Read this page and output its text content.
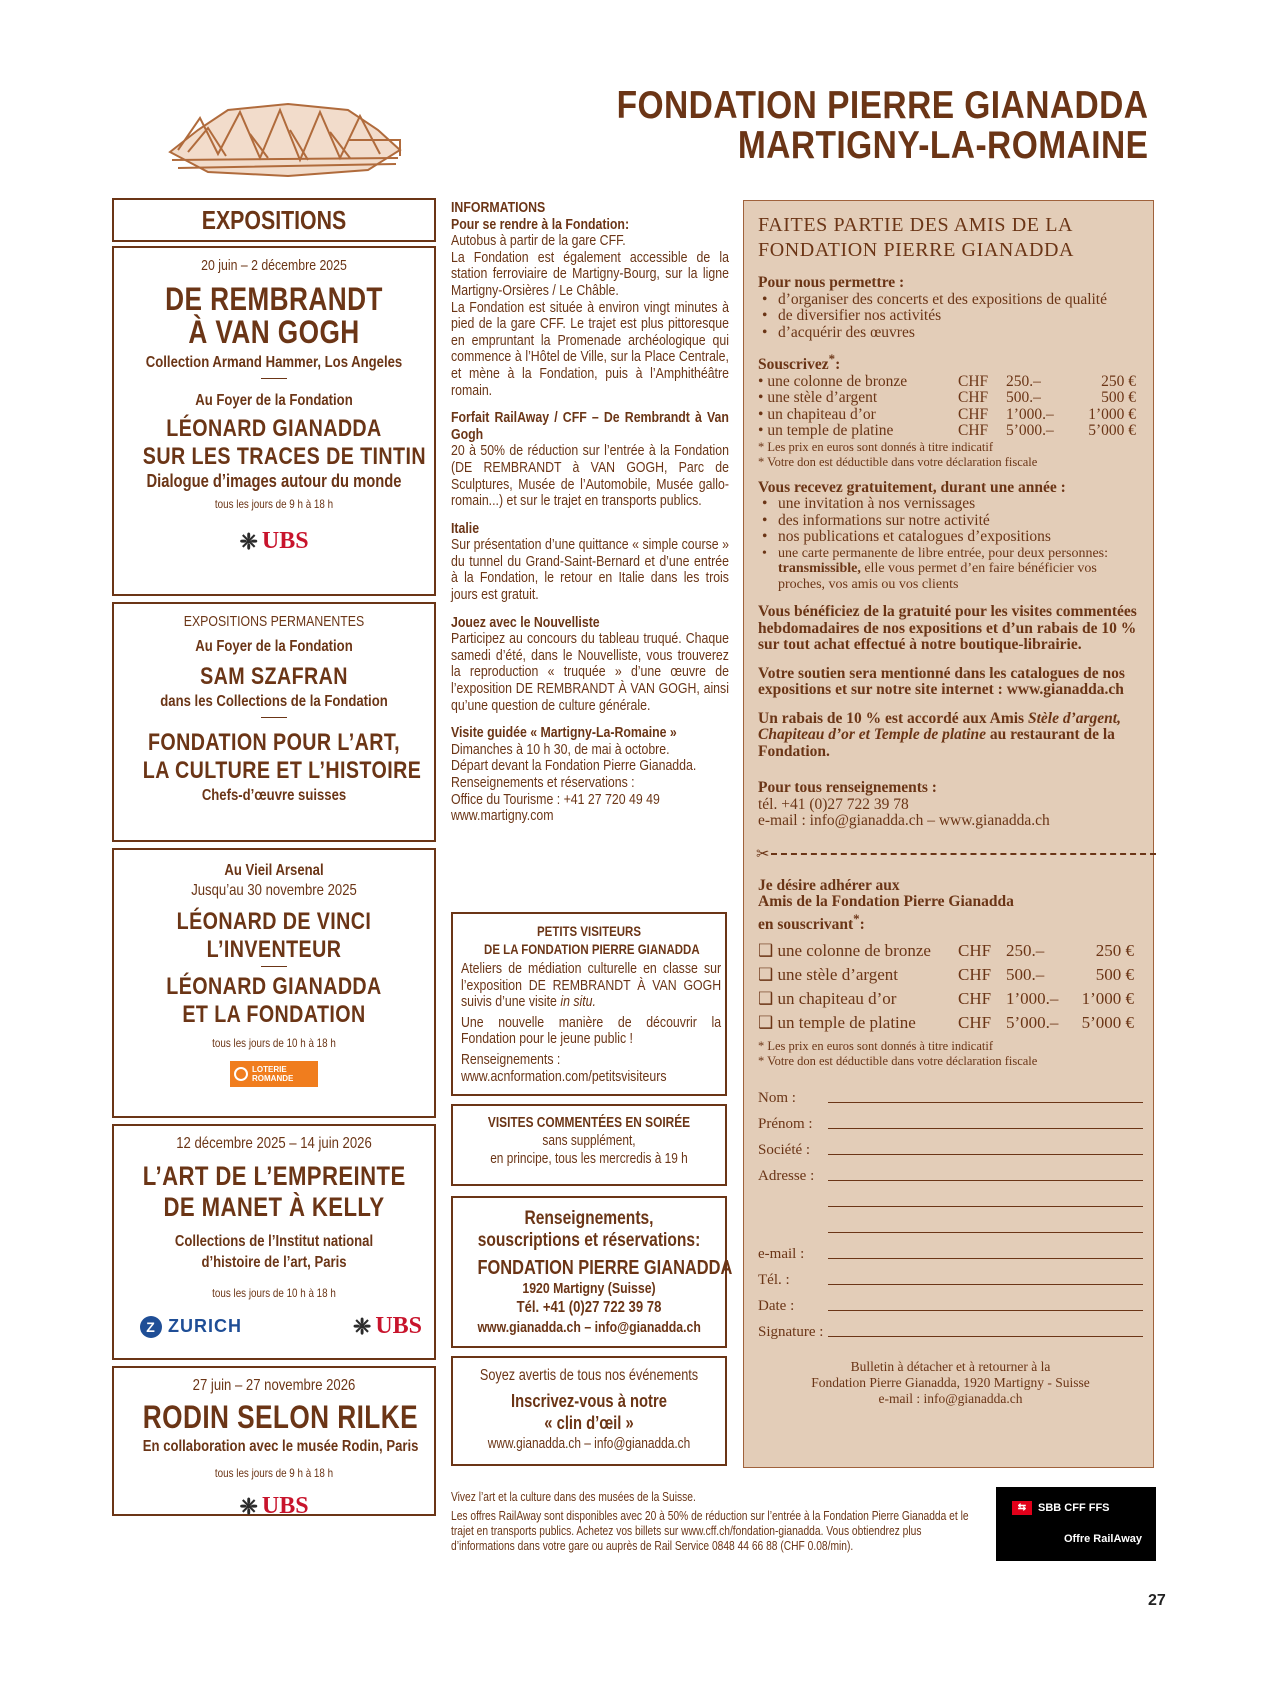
FONDATION PIERRE GIANADDA
MARTIGNY-LA-ROMAINE
EXPOSITIONS
20 juin – 2 décembre 2025
DE REMBRANDT
À VAN GOGH
Collection Armand Hammer, Los Angeles
Au Foyer de la Fondation
LÉONARD GIANADDA
SUR LES TRACES DE TINTIN
Dialogue d’images autour du monde
tous les jours de 9 h à 18 h
❈ UBS
EXPOSITIONS PERMANENTES
Au Foyer de la Fondation
SAM SZAFRAN
dans les Collections de la Fondation
FONDATION POUR L’ART,
LA CULTURE ET L’HISTOIRE
Chefs-d’œuvre suisses
Au Vieil Arsenal
Jusqu’au 30 novembre 2025
LÉONARD DE VINCI
L’INVENTEUR
LÉONARD GIANADDA
ET LA FONDATION
tous les jours de 10 h à 18 h
LOTERIE
ROMANDE
12 décembre 2025 – 14 juin 2026
L’ART DE L’EMPREINTE
DE MANET À KELLY
Collections de l’Institut national
d’histoire de l’art, Paris
tous les jours de 10 h à 18 h
Z ZURICH	❈ UBS
27 juin – 27 novembre 2026
RODIN SELON RILKE
En collaboration avec le musée Rodin, Paris
tous les jours de 9 h à 18 h
❈ UBS
INFORMATIONS
Pour se rendre à la Fondation:

Autobus à partir de la gare CFF.

La Fondation est également accessible de la station ferroviaire de Martigny-Bourg, sur la ligne Martigny-Orsières / Le Châble.

La Fondation est située à environ vingt minutes à pied de la gare CFF. Le trajet est plus pittoresque en empruntant la Promenade archéologique qui commence à l’Hôtel de Ville, sur la Place Centrale, et mène à la Fondation, puis à l’Amphithéâtre romain.

Forfait RailAway / CFF – De Rembrandt à Van Gogh

20 à 50% de réduction sur l’entrée à la Fondation (DE REMBRANDT à VAN GOGH, Parc de Sculptures, Musée de l’Automobile, Musée gallo-romain...) et sur le trajet en transports publics.

Italie

Sur présentation d’une quittance « simple course » du tunnel du Grand-Saint-Bernard et d’une entrée à la Fondation, le retour en Italie dans les trois jours est gratuit.

Jouez avec le Nouvelliste

Participez au concours du tableau truqué. Chaque samedi d’été, dans le Nouvelliste, vous trouverez la reproduction « truquée » d’une œuvre de l’exposition DE REMBRANDT À VAN GOGH, ainsi qu’une question de culture générale.

Visite guidée « Martigny-La-Romaine »

Dimanches à 10 h 30, de mai à octobre.

Départ devant la Fondation Pierre Gianadda.

Renseignements et réservations :

Office du Tourisme : +41 27 720 49 49

www.martigny.com

PETITS VISITEURS
DE LA FONDATION PIERRE GIANADDA

Ateliers de médiation culturelle en classe sur l’exposition DE REMBRANDT À VAN GOGH suivis d’une visite in situ.

Une nouvelle manière de découvrir la Fondation pour le jeune public !

Renseignements :

www.acnformation.com/petitsvisiteurs

VISITES COMMENTÉES EN SOIRÉE
sans supplément,
en principe, tous les mercredis à 19 h
Renseignements,
souscriptions et réservations:
FONDATION PIERRE GIANADDA
1920 Martigny (Suisse)
Tél. +41 (0)27 722 39 78
www.gianadda.ch – info@gianadda.ch
Soyez avertis de tous nos événements
Inscrivez-vous à notre
« clin d’œil »
www.gianadda.ch – info@gianadda.ch
Vivez l’art et la culture dans des musées de la Suisse.
Les offres RailAway sont disponibles avec 20 à 50% de réduction sur l’entrée à la Fondation Pierre Gianadda et le trajet en transports publics. Achetez vos billets sur www.cff.ch/fondation-gianadda. Vous obtiendrez plus d’informations dans votre gare ou auprès de Rail Service 0848 44 66 88 (CHF 0.08/min).
⇆	SBB CFF FFS
Offre RailAway
FAITES PARTIE DES AMIS DE LA
FONDATION PIERRE GIANADDA
Pour nous permettre :
• d’organiser des concerts et des expositions de qualité
• de diversifier nos activités
• d’acquérir des œuvres
Souscrivez*:
• une colonne de bronze	CHF	250.–	250 €
• une stèle d’argent	CHF	500.–	500 €
• un chapiteau d’or	CHF	1’000.–	1’000 €
• un temple de platine	CHF	5’000.–	5’000 €
* Les prix en euros sont donnés à titre indicatif
* Votre don est déductible dans votre déclaration fiscale
Vous recevez gratuitement, durant une année :
• une invitation à nos vernissages
• des informations sur notre activité
• nos publications et catalogues d’expositions
• une carte permanente de libre entrée, pour deux personnes: transmissible, elle vous permet d’en faire bénéficier vos proches, vos amis ou vos clients
Vous bénéficiez de la gratuité pour les visites commentées hebdomadaires de nos expositions et d’un rabais de 10 % sur tout achat effectué à notre boutique-librairie.
Votre soutien sera mentionné dans les catalogues de nos expositions et sur notre site internet : www.gianadda.ch
Un rabais de 10 % est accordé aux Amis Stèle d’argent, Chapiteau d’or et Temple de platine au restaurant de la Fondation.
Pour tous renseignements :
tél. +41 (0)27 722 39 78
e-mail : info@gianadda.ch – www.gianadda.ch
✂
Je désire adhérer aux
Amis de la Fondation Pierre Gianadda
en souscrivant*:
❑ une colonne de bronze	CHF 250.–	250 €
❑ une stèle d’argent	CHF 500.–	500 €
❑ un chapiteau d’or	CHF 1’000.–	1’000 €
❑ un temple de platine	CHF 5’000.–	5’000 €
* Les prix en euros sont donnés à titre indicatif
* Votre don est déductible dans votre déclaration fiscale
Nom :
Prénom :
Société :
Adresse :
e-mail :
Tél. :
Date :
Signature :
Bulletin à détacher et à retourner à la
Fondation Pierre Gianadda, 1920 Martigny - Suisse
e-mail : info@gianadda.ch
27
